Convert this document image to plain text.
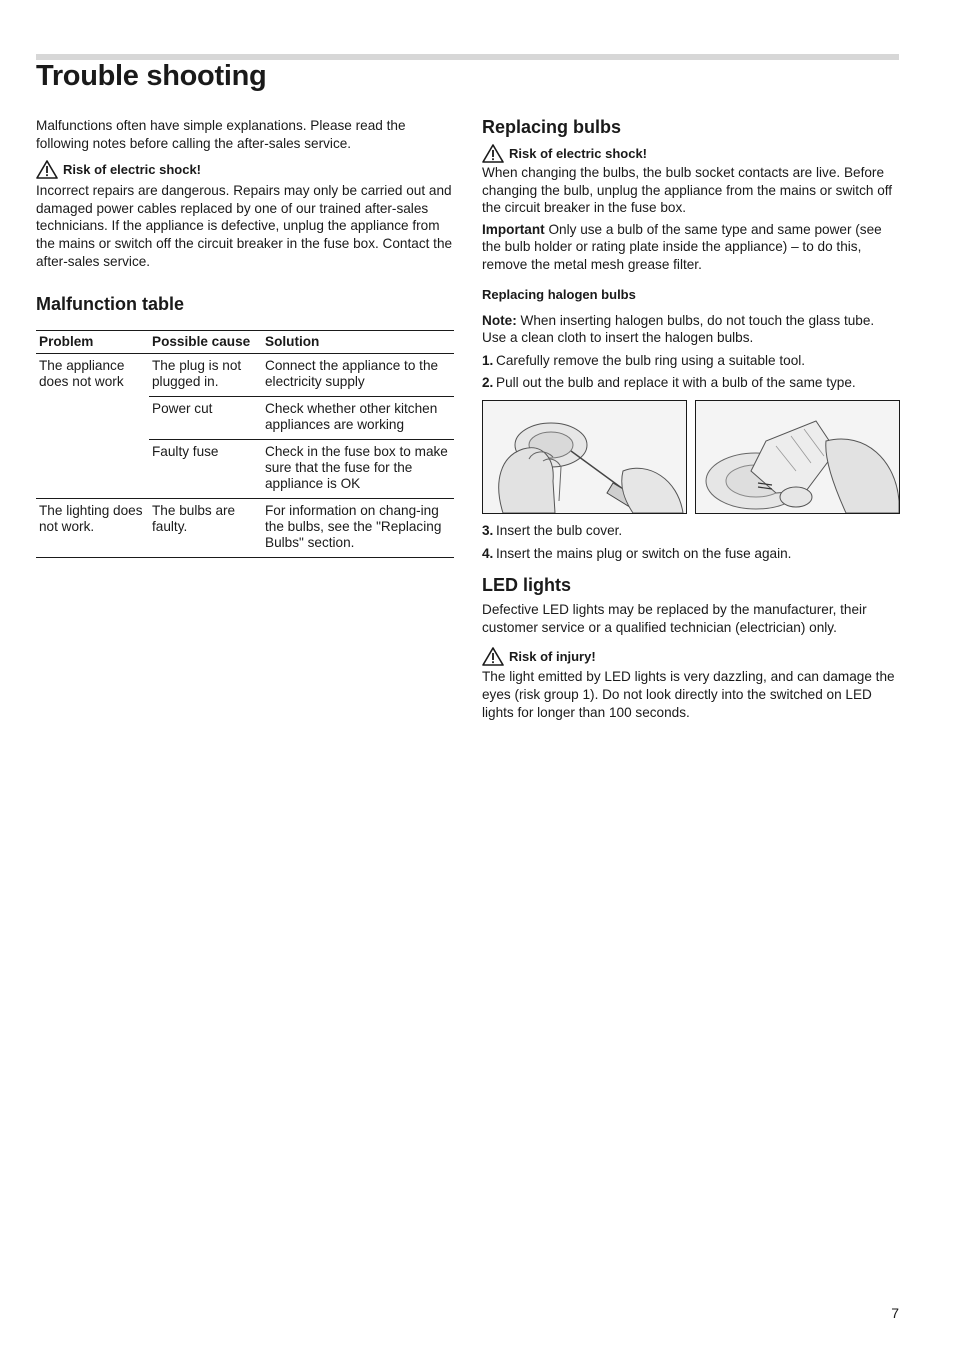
Trouble shooting

Malfunctions often have simple explanations. Please read the following notes before calling the after-sales service.

Risk of electric shock!

Incorrect repairs are dangerous. Repairs may only be carried out and damaged power cables replaced by one of our trained after-sales technicians. If the appliance is defective, unplug the appliance from the mains or switch off the circuit breaker in the fuse box. Contact the after-sales service.

Malfunction table
Problem	Possible cause	Solution
The appliance does not work	The plug is not plugged in.	Connect the appliance to the electricity supply
	Power cut	Check whether other kitchen appliances are working
	Faulty fuse	Check in the fuse box to make sure that the fuse for the appliance is OK
The lighting does not work.	The bulbs are faulty.	For information on chang-ing the bulbs, see the "Replacing Bulbs" section.
Replacing bulbs
Risk of electric shock!

When changing the bulbs, the bulb socket contacts are live. Before changing the bulb, unplug the appliance from the mains or switch off the circuit breaker in the fuse box.

Important Only use a bulb of the same type and same power (see the bulb holder or rating plate inside the appliance) – to do this, remove the metal mesh grease filter.

Replacing halogen bulbs

Note: When inserting halogen bulbs, do not touch the glass tube. Use a clean cloth to insert the halogen bulbs.

1. Carefully remove the bulb ring using a suitable tool.
2. Pull out the bulb and replace it with a bulb of the same type.
3. Insert the bulb cover.
4. Insert the mains plug or switch on the fuse again.
LED lights

Defective LED lights may be replaced by the manufacturer, their customer service or a qualified technician (electrician) only.

Risk of injury!

The light emitted by LED lights is very dazzling, and can damage the eyes (risk group 1). Do not look directly into the switched on LED lights for longer than 100 seconds.

7
